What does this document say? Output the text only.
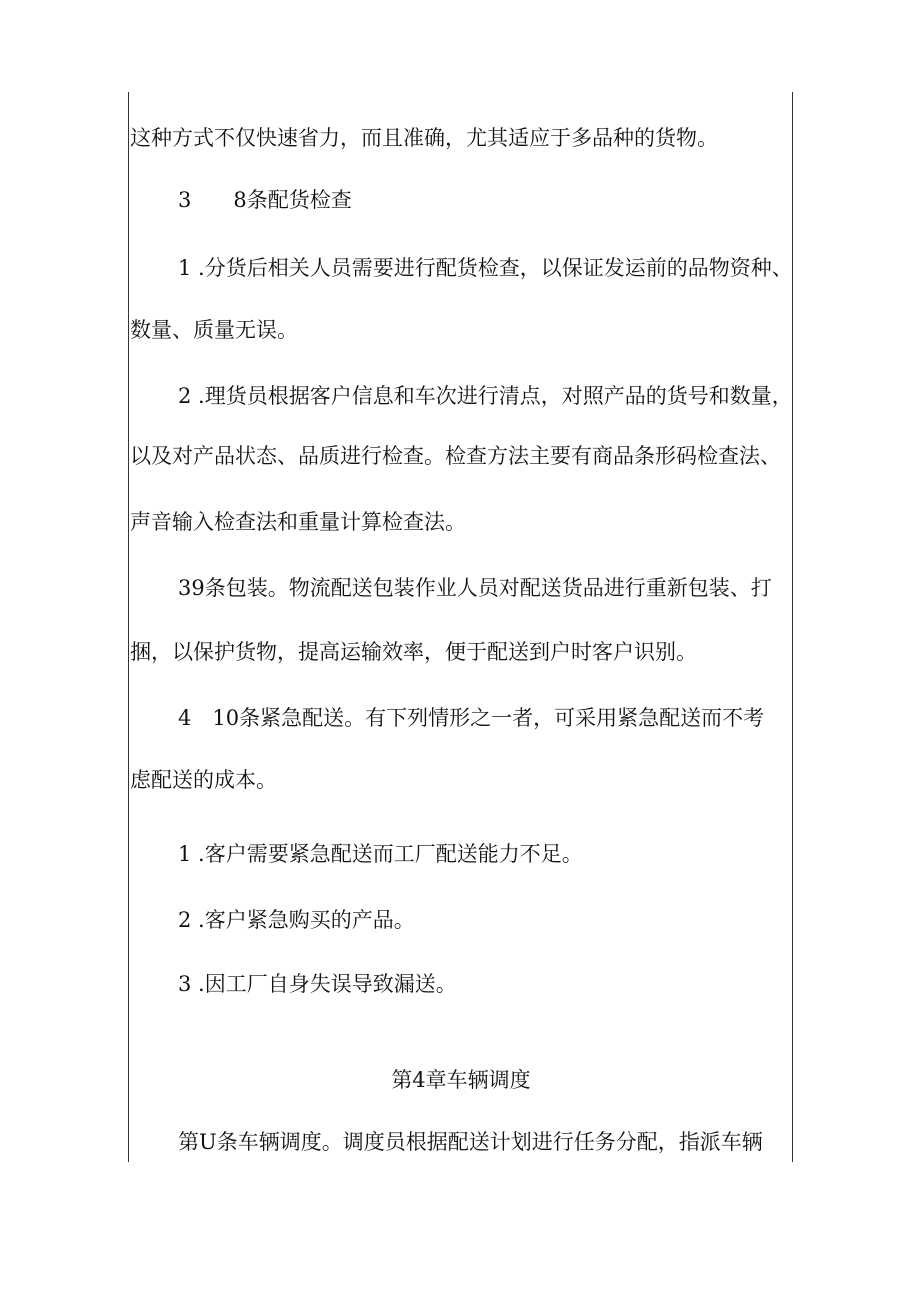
这种方式不仅快速省力，而且准确，尤其适应于多品种的货物。
3　　8条配货检查
1 .分货后相关人员需要进行配货检查，以保证发运前的品物资种、
数量、质量无误。
2 .理货员根据客户信息和车次进行清点，对照产品的货号和数量，
以及对产品状态、品质进行检查。检查方法主要有商品条形码检查法、
声音输入检查法和重量计算检查法。
39条包装。物流配送包装作业人员对配送货品进行重新包装、打
捆，以保护货物，提高运输效率，便于配送到户时客户识别。
4　10条紧急配送。有下列情形之一者，可采用紧急配送而不考
虑配送的成本。
1 .客户需要紧急配送而工厂配送能力不足。
2 .客户紧急购买的产品。
3 .因工厂自身失误导致漏送。
第4章车辆调度
第U条车辆调度。调度员根据配送计划进行任务分配，指派车辆
